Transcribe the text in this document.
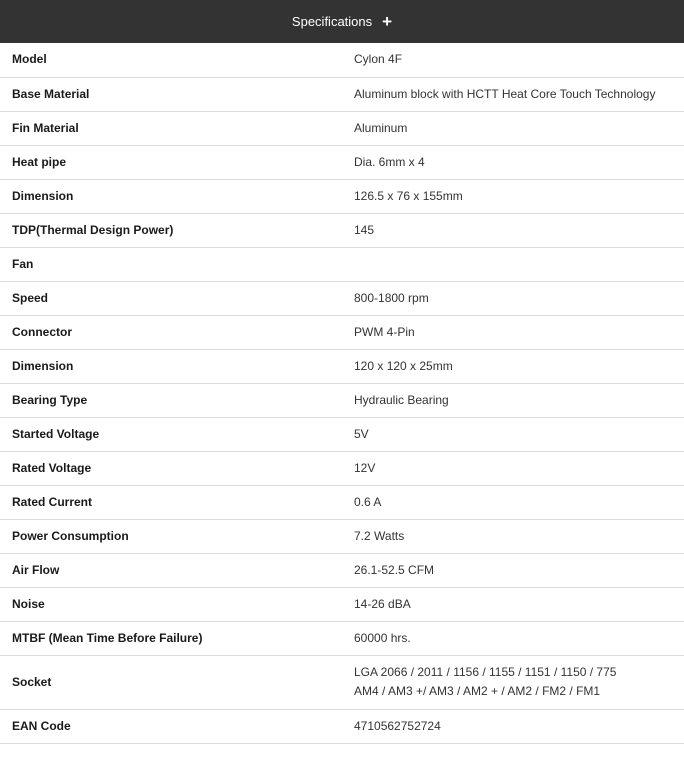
Specifications +
Model	Cylon 4F
Base Material	Aluminum block with HCTT Heat Core Touch Technology
Fin Material	Aluminum
Heat pipe	Dia. 6mm x 4
Dimension	126.5 x 76 x 155mm
TDP(Thermal Design Power)	145
Fan	
Speed	800-1800 rpm
Connector	PWM 4-Pin
Dimension	120 x 120 x 25mm
Bearing Type	Hydraulic Bearing
Started Voltage	5V
Rated Voltage	12V
Rated Current	0.6 A
Power Consumption	7.2 Watts
Air Flow	26.1-52.5 CFM
Noise	14-26 dBA
MTBF (Mean Time Before Failure)	60000 hrs.
Socket	LGA 2066 / 2011 / 1156 / 1155 / 1151 / 1150 / 775
AM4 / AM3 +/ AM3 / AM2 + / AM2 / FM2 / FM1

EAN Code	4710562752724
